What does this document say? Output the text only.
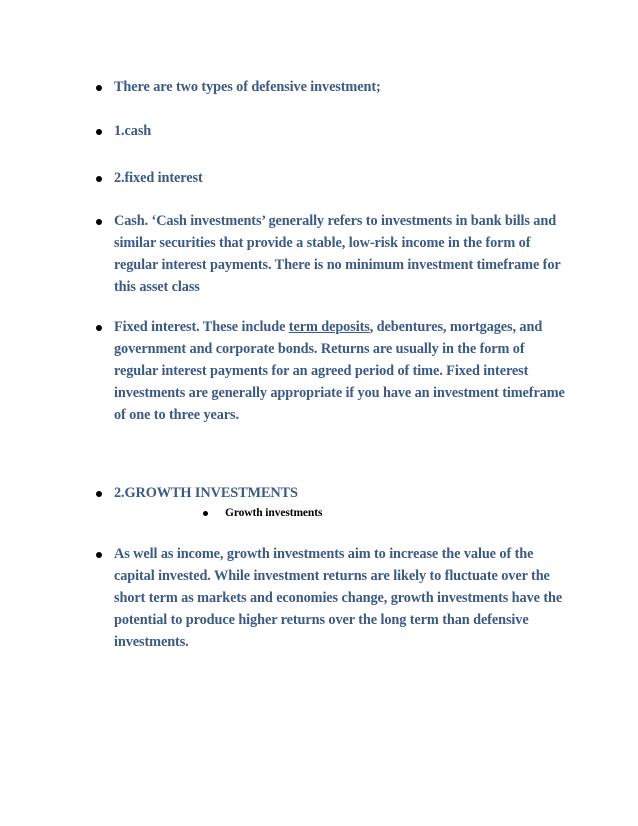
There are two types of defensive investment;
1.cash
2.fixed interest
Cash. ‘Cash investments’ generally refers to investments in bank bills and similar securities that provide a stable, low-risk income in the form of regular interest payments. There is no minimum investment timeframe for this asset class
Fixed interest. These include term deposits, debentures, mortgages, and government and corporate bonds. Returns are usually in the form of regular interest payments for an agreed period of time. Fixed interest investments are generally appropriate if you have an investment timeframe of one to three years.
2.GROWTH INVESTMENTS
Growth investments
As well as income, growth investments aim to increase the value of the capital invested. While investment returns are likely to fluctuate over the short term as markets and economies change, growth investments have the potential to produce higher returns over the long term than defensive investments.
